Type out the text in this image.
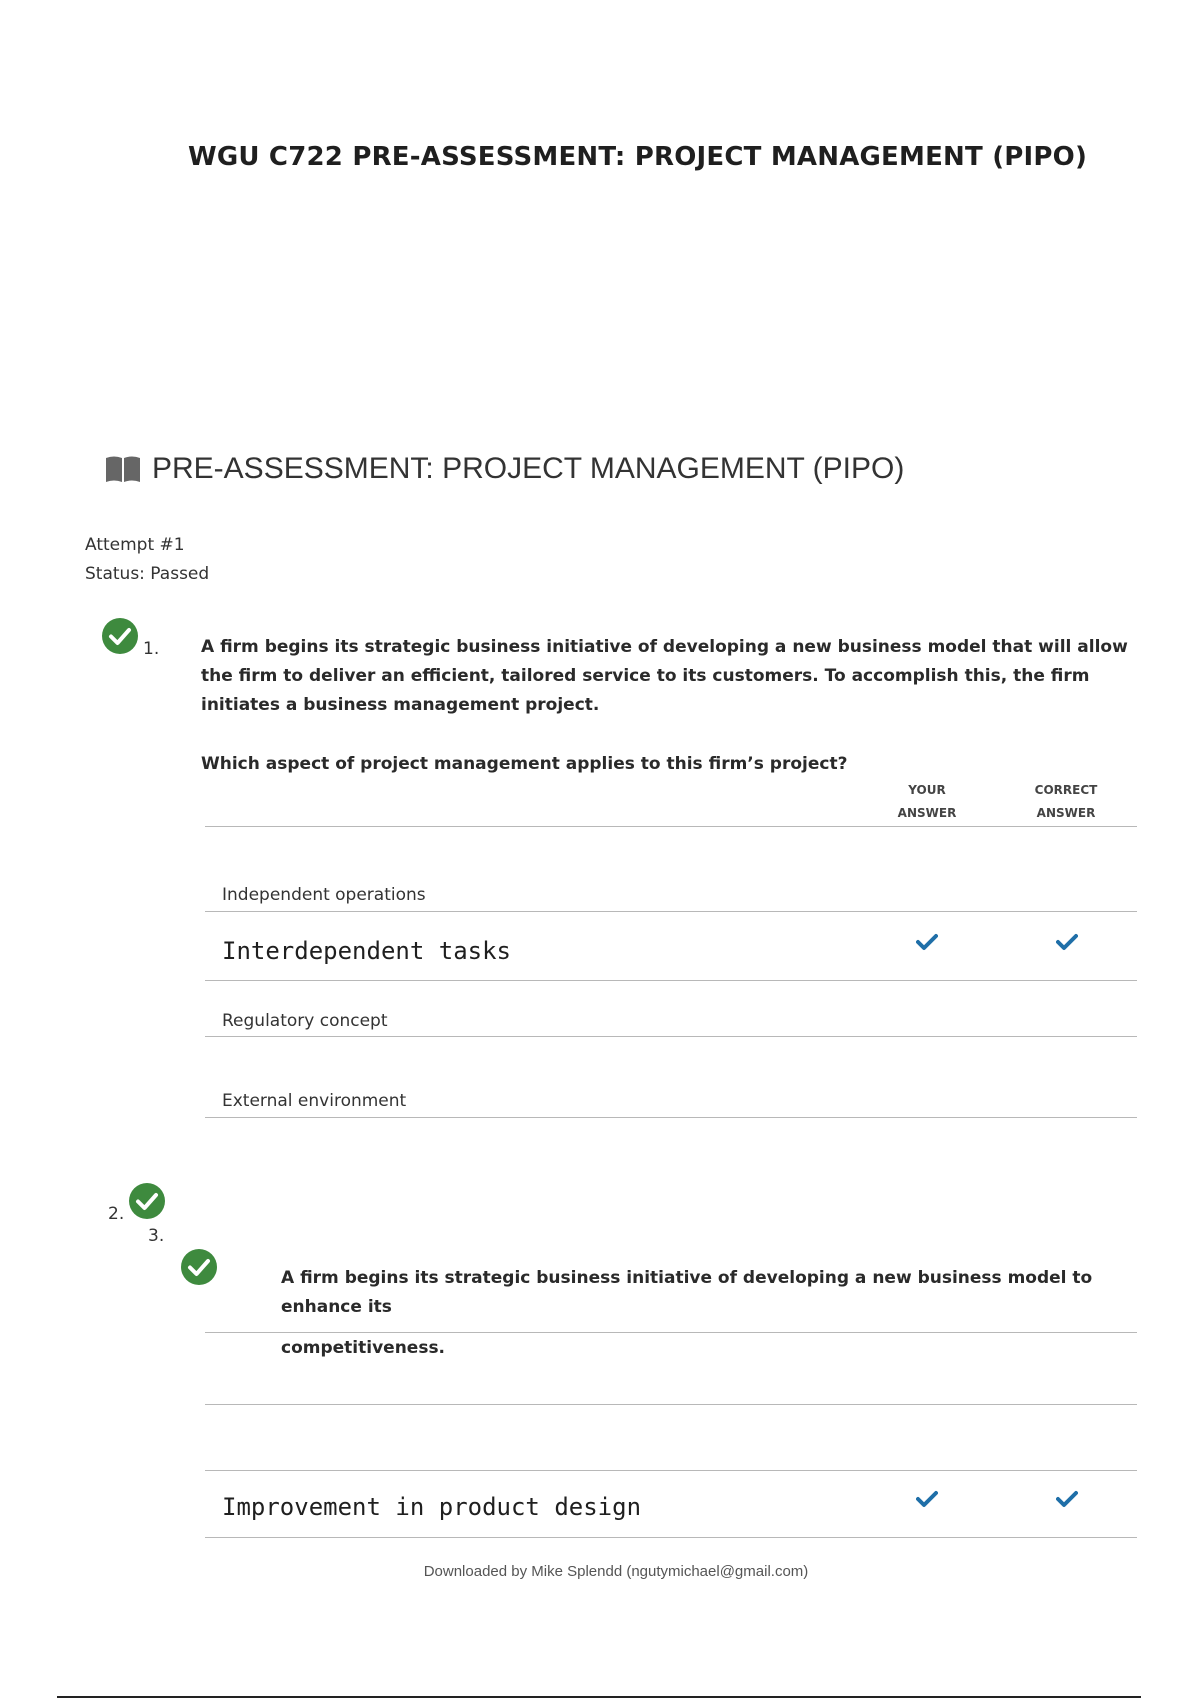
WGU C722 PRE-ASSESSMENT: PROJECT MANAGEMENT (PIPO)
PRE-ASSESSMENT: PROJECT MANAGEMENT (PIPO)
Attempt #1
Status: Passed
1. A firm begins its strategic business initiative of developing a new business model that will allow the firm to deliver an efficient, tailored service to its customers. To accomplish this, the firm initiates a business management project.
Which aspect of project management applies to this firm’s project?
YOUR ANSWER
CORRECT ANSWER
Independent operations
Interdependent tasks
Regulatory concept
External environment
2.
3.
A firm begins its strategic business initiative of developing a new business model to enhance its
competitiveness.
Improvement in product design
Downloaded by Mike Splendd (ngutymichael@gmail.com)
